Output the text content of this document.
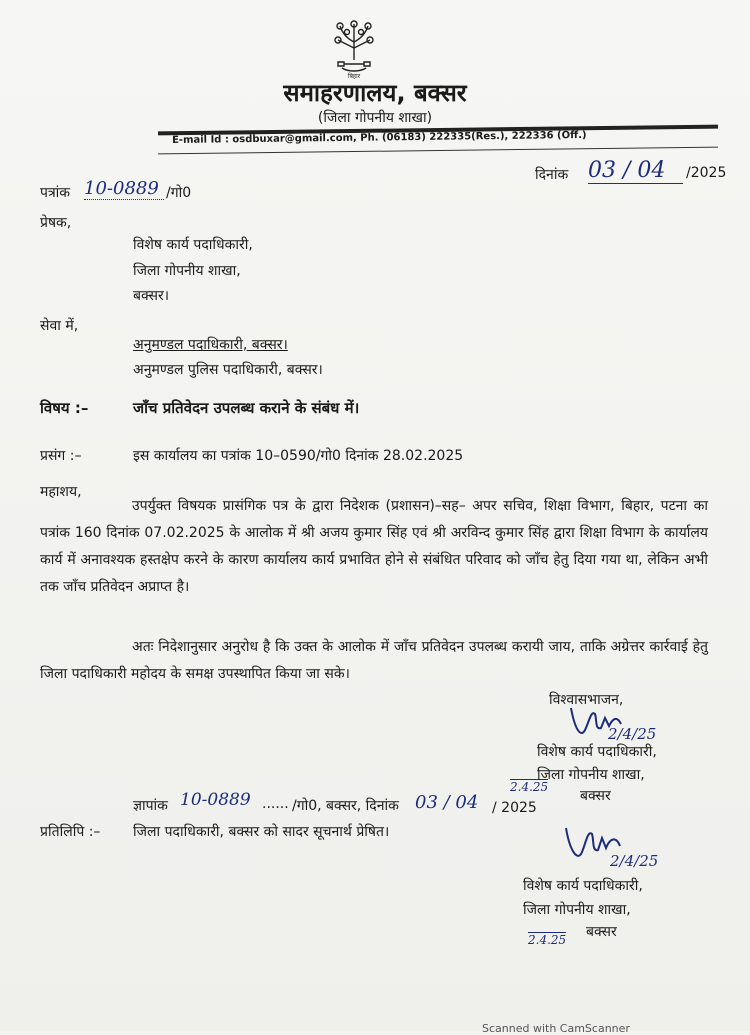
बिहार
समाहरणालय, बक्सर
(जिला गोपनीय शाखा)
E-mail Id : osdbuxar@gmail.com, Ph. (06183) 222335(Res.), 222336 (Off.)
दिनांक 03 / 04	/2025
पत्रांक 10-0889 /गो0
प्रेषक,
विशेष कार्य पदाधिकारी,
जिला गोपनीय शाखा,
बक्सर।
सेवा में,
अनुमण्डल पदाधिकारी, बक्सर।
अनुमण्डल पुलिस पदाधिकारी, बक्सर।
विषय :–	जाँच प्रतिवेदन उपलब्ध कराने के संबंध में।
प्रसंग :–	इस कार्यालय का पत्रांक 10–0590/गो0 दिनांक 28.02.2025
महाशय,
उपर्युक्त विषयक प्रासंगिक पत्र के द्वारा निदेशक (प्रशासन)–सह– अपर सचिव, शिक्षा विभाग, बिहार, पटना का पत्रांक 160 दिनांक 07.02.2025 के आलोक में श्री अजय कुमार सिंह एवं श्री अरविन्द कुमार सिंह द्वारा शिक्षा विभाग के कार्यालय कार्य में अनावश्यक हस्तक्षेप करने के कारण कार्यालय कार्य प्रभावित होने से संबंधित परिवाद को जाँच हेतु दिया गया था, लेकिन अभी तक जाँच प्रतिवेदन अप्राप्त है।
अतः निदेशानुसार अनुरोध है कि उक्त के आलोक में जाँच प्रतिवेदन उपलब्ध करायी जाय, ताकि अग्रेत्तर कार्रवाई हेतु जिला पदाधिकारी महोदय के समक्ष उपस्थापित किया जा सके।
विश्वासभाजन,
2/4/25
विशेष कार्य पदाधिकारी,
जिला गोपनीय शाखा,
2.4.25
बक्सर
ज्ञापांक 10-0889 ...... /गो0, बक्सर, दिनांक 03 / 04 / 2025
प्रतिलिपि :– जिला पदाधिकारी, बक्सर को सादर सूचनार्थ प्रेषित।
2/4/25
विशेष कार्य पदाधिकारी,
जिला गोपनीय शाखा,
2.4.25 बक्सर
Scanned with CamScanner
